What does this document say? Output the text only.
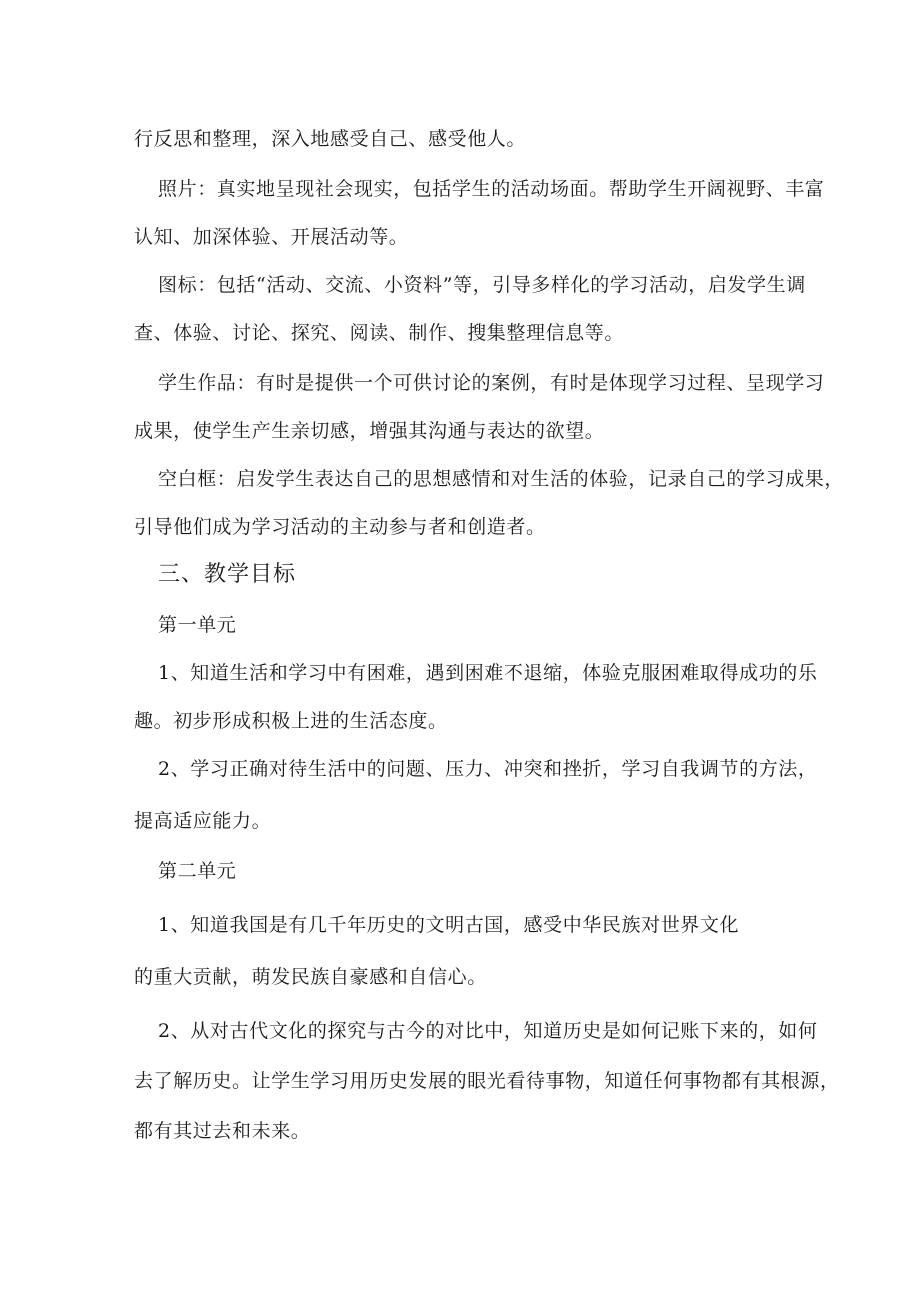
行反思和整理，深入地感受自己、感受他人。
照片：真实地呈现社会现实，包括学生的活动场面。帮助学生开阔视野、丰富
认知、加深体验、开展活动等。
图标：包括“活动、交流、小资料”等，引导多样化的学习活动，启发学生调
查、体验、讨论、探究、阅读、制作、搜集整理信息等。
学生作品：有时是提供一个可供讨论的案例，有时是体现学习过程、呈现学习
成果，使学生产生亲切感，增强其沟通与表达的欲望。
空白框：启发学生表达自己的思想感情和对生活的体验，记录自己的学习成果，
引导他们成为学习活动的主动参与者和创造者。
三、教学目标
第一单元
1、知道生活和学习中有困难，遇到困难不退缩，体验克服困难取得成功的乐
趣。初步形成积极上进的生活态度。
2、学习正确对待生活中的问题、压力、冲突和挫折，学习自我调节的方法，
提高适应能力。
第二单元
1、知道我国是有几千年历史的文明古国，感受中华民族对世界文化
的重大贡献，萌发民族自豪感和自信心。
2、从对古代文化的探究与古今的对比中，知道历史是如何记账下来的，如何
去了解历史。让学生学习用历史发展的眼光看待事物，知道任何事物都有其根源，
都有其过去和未来。
